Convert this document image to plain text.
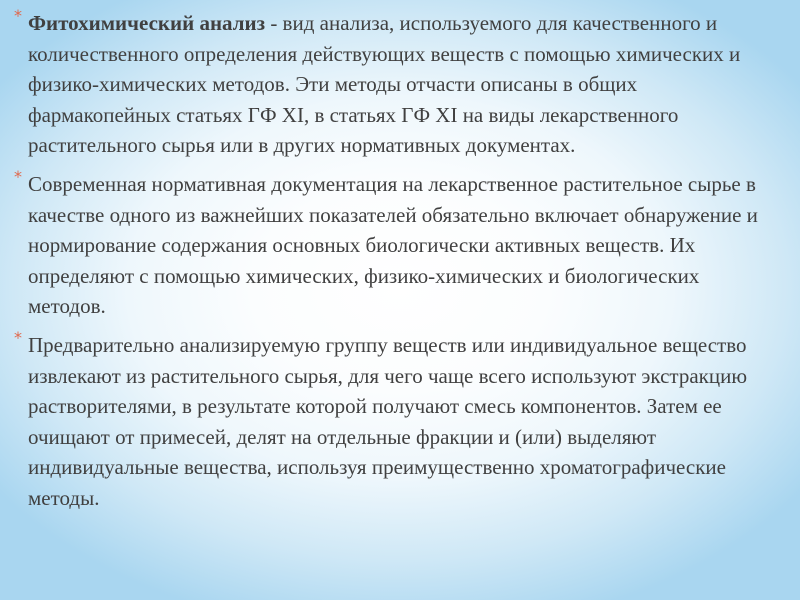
* Фитохимический анализ - вид анализа, используемого для качественного и количественного определения действующих веществ с помощью химических и физико-химических методов. Эти методы отчасти описаны в общих фармакопейных статьях ГФ XI, в статьях ГФ XI на виды лекарственного растительного сырья или в других нормативных документах.

* Современная нормативная документация на лекарственное растительное сырье в качестве одного из важнейших показателей обязательно включает обнаружение и нормирование содержания основных биологически активных веществ. Их определяют с помощью химических, физико-химических и биологических методов.

* Предварительно анализируемую группу веществ или индивидуальное вещество извлекают из растительного сырья, для чего чаще всего используют экстракцию растворителями, в результате которой получают смесь компонентов. Затем ее очищают от примесей, делят на отдельные фракции и (или) выделяют индивидуальные вещества, используя преимущественно хроматографические методы.
